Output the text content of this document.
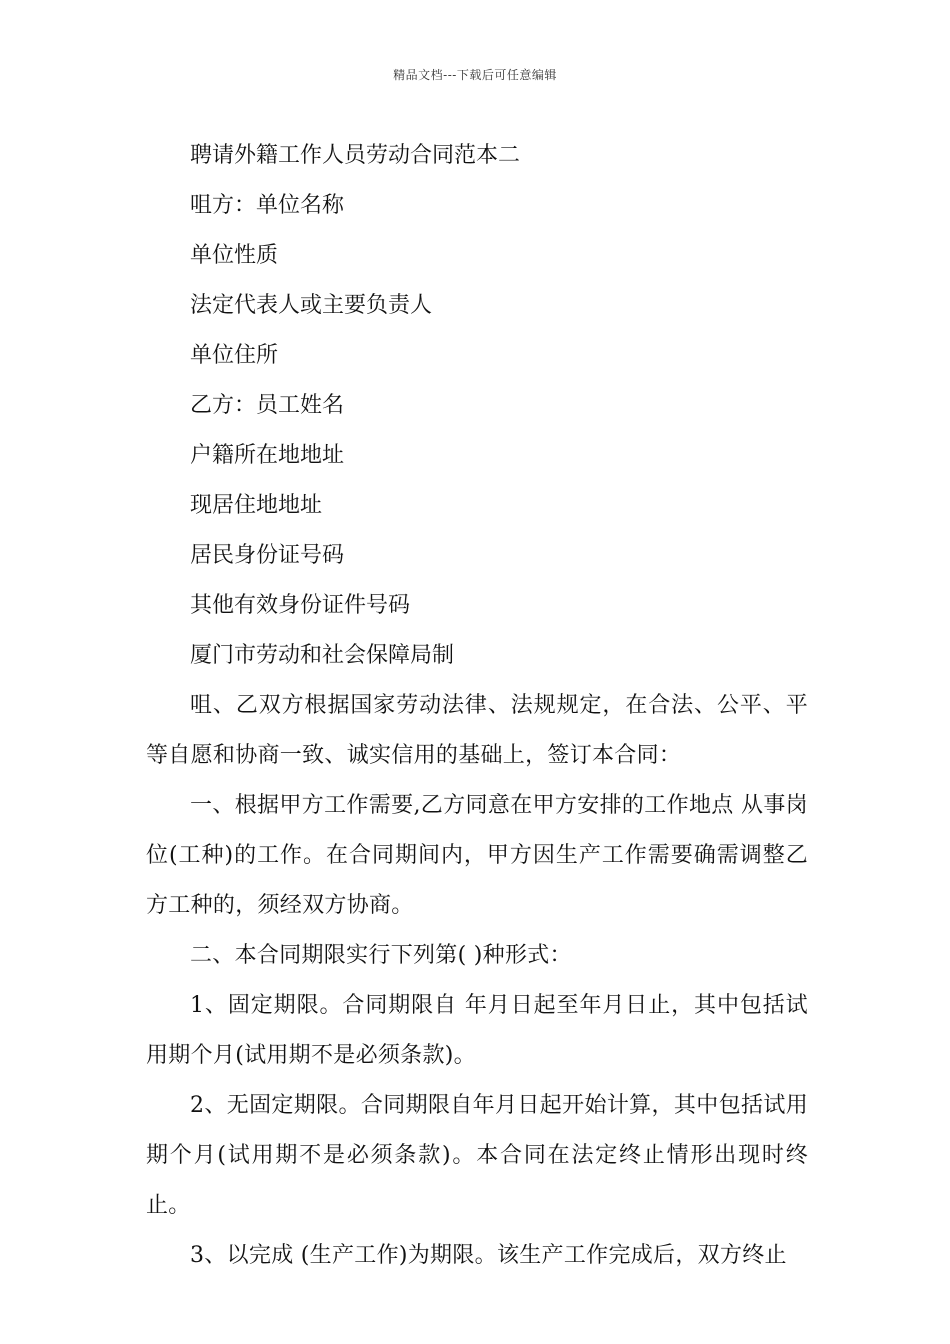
精品文档---下载后可任意编辑

聘请外籍工作人员劳动合同范本二

咀方：单位名称

单位性质

法定代表人或主要负责人

单位住所

乙方：员工姓名

户籍所在地地址

现居住地地址

居民身份证号码

其他有效身份证件号码

厦门市劳动和社会保障局制

咀、乙双方根据国家劳动法律、法规规定，在合法、公平、平等自愿和协商一致、诚实信用的基础上，签订本合同：

一、根据甲方工作需要,乙方同意在甲方安排的工作地点 从事岗位(工种)的工作。在合同期间内，甲方因生产工作需要确需调整乙方工种的，须经双方协商。

二、本合同期限实行下列第( )种形式：

1、固定期限。合同期限自 年月日起至年月日止，其中包括试用期个月(试用期不是必须条款)。

2、无固定期限。合同期限自年月日起开始计算，其中包括试用期个月(试用期不是必须条款)。本合同在法定终止情形出现时终止。

3、以完成 (生产工作)为期限。该生产工作完成后，双方终止
